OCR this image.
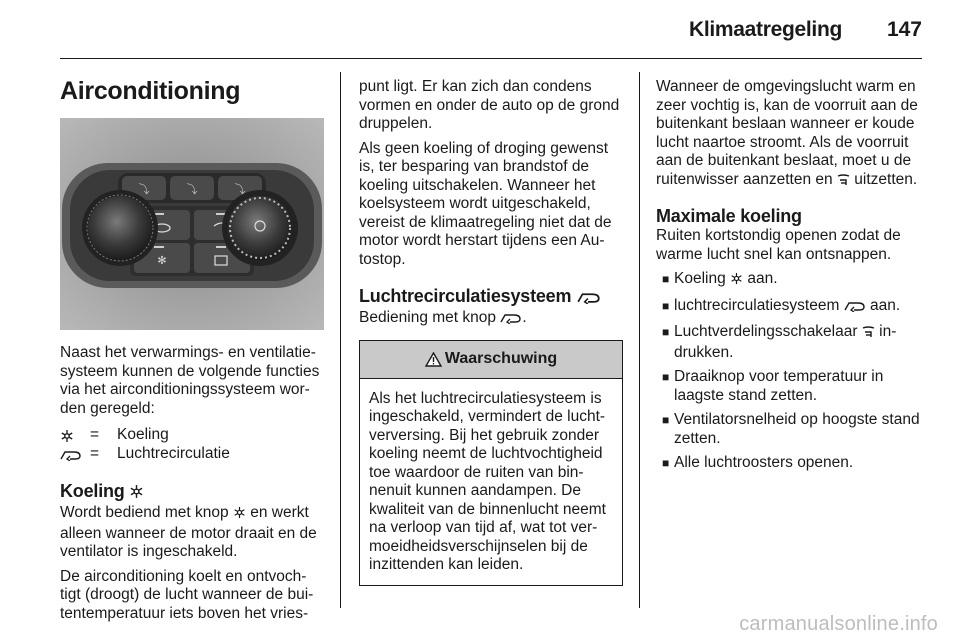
Klimaatregeling 147
Airconditioning
⤵	⤵	⤵
✻

Naast het verwarmings- en ventilatie- systeem kunnen de volgende functies via het airconditioningssysteem wor- den geregeld:

=	Koeling
=	Luchtrecirculatie
Koeling

Wordt bediend met knop en werkt alleen wanneer de motor draait en de ventilator is ingeschakeld.

De airconditioning koelt en ontvoch- tigt (droogt) de lucht wanneer de bui- tentemperatuur iets boven het vries-

punt ligt. Er kan zich dan condens vormen en onder de auto op de grond druppelen.

Als geen koeling of droging gewenst is, ter besparing van brandstof de koeling uitschakelen. Wanneer het koelsysteem wordt uitgeschakeld, vereist de klimaatregeling niet dat de motor wordt herstart tijdens een Au- tostop.

Luchtrecirculatiesysteem

Bediening met knop .

Waarschuwing
Als het luchtrecirculatiesysteem is ingeschakeld, vermindert de lucht- verversing. Bij het gebruik zonder koeling neemt de luchtvochtigheid toe waardoor de ruiten van bin- nenuit kunnen aandampen. De kwaliteit van de binnenlucht neemt na verloop van tijd af, wat tot ver- moeidheidsverschijnselen bij de inzittenden kan leiden.

Wanneer de omgevingslucht warm en zeer vochtig is, kan de voorruit aan de buitenkant beslaan wanneer er koude lucht naartoe stroomt. Als de voorruit aan de buitenkant beslaat, moet u de ruitenwisser aanzetten en uitzetten.

Maximale koeling

Ruiten kortstondig openen zodat de warme lucht snel kan ontsnappen.

■ Koeling aan.
■ luchtrecirculatiesysteem aan.
■ Luchtverdelingsschakelaar in- drukken.
■ Draaiknop voor temperatuur in laagste stand zetten.
■ Ventilatorsnelheid op hoogste stand zetten.
■ Alle luchtroosters openen.
carmanualsonline.info
